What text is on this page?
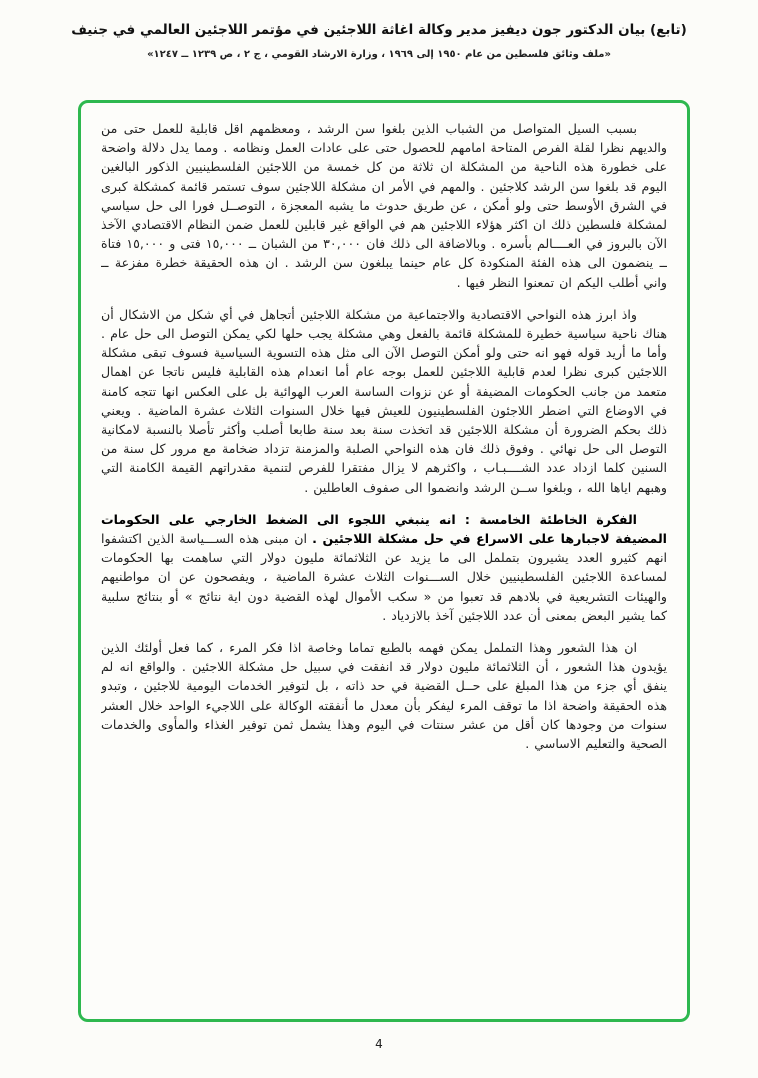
(تابع) بيان الدكتور جون ديفيز مدير وكالة اغاثة اللاجئين في مؤتمر اللاجئين العالمي في جنيف
«ملف وثائق فلسطين من عام ١٩٥٠ إلى ١٩٦٩ ، وزارة الارشاد القومي ، ج ٢ ، ص ١٢٣٩ ــ ١٢٤٧»

بسبب السيل المتواصل من الشباب الذين بلغوا سن الرشد ، ومعظمهم اقل قابلية للعمل حتى من والديهم نظرا لقلة الفرص المتاحة امامهم للحصول حتى على عادات العمل ونظامه . ومما يدل دلالة واضحة على خطورة هذه الناحية من المشكلة ان ثلاثة من كل خمسة من اللاجئين الفلسطينيين الذكور البالغين اليوم قد بلغوا سن الرشد كلاجئين . والمهم في الأمر ان مشكلة اللاجئين سوف تستمر قائمة كمشكلة كبرى في الشرق الأوسط حتى ولو أمكن ، عن طريق حدوث ما يشبه المعجزة ، التوصــل فورا الى حل سياسي لمشكلة فلسطين ذلك ان اكثر هؤلاء اللاجئين هم في الواقع غير قابلين للعمل ضمن النظام الاقتصادي الآخذ الآن بالبروز في العــــالم بأسره . وبالاضافة الى ذلك فان ٣٠,٠٠٠ من الشبان ــ ١٥,٠٠٠ فتى و ١٥,٠٠٠ فتاة ــ ينضمون الى هذه الفئة المنكودة كل عام حينما يبلغون سن الرشد . ان هذه الحقيقة خطرة مفزعة ــ واني أطلب اليكم ان تمعنوا النظر فيها .

واذ ابرز هذه النواحي الاقتصادية والاجتماعية من مشكلة اللاجئين أتجاهل في أي شكل من الاشكال أن هناك ناحية سياسية خطيرة للمشكلة قائمة بالفعل وهي مشكلة يجب حلها لكي يمكن التوصل الى حل عام . وأما ما أريد قوله فهو انه حتى ولو أمكن التوصل الآن الى مثل هذه التسوية السياسية فسوف تبقى مشكلة اللاجئين كبرى نظرا لعدم قابلية اللاجئين للعمل بوجه عام أما انعدام هذه القابلية فليس ناتجا عن اهمال متعمد من جانب الحكومات المضيفة أو عن نزوات الساسة العرب الهوائية بل على العكس انها تتجه كامنة في الاوضاع التي اضطر اللاجئون الفلسطينيون للعيش فيها خلال السنوات الثلاث عشرة الماضية . ويعني ذلك بحكم الضرورة أن مشكلة اللاجئين قد اتخذت سنة بعد سنة طابعا أصلب وأكثر تأصلا بالنسبة لامكانية التوصل الى حل نهائي . وفوق ذلك فان هذه النواحي الصلبة والمزمنة تزداد ضخامة مع مرور كل سنة من السنين كلما ازداد عدد الشــــبـاب ، واكثرهم لا يزال مفتقرا للفرص لتنمية مقدراتهم القيمة الكامنة التي وهبهم اياها الله ، وبلغوا ســن الرشد وانضموا الى صفوف العاطلين .

الفكرة الخاطئة الخامسة : انه ينبغي اللجوء الى الضغط الخارجي على الحكومات المضيفة لاجبارها على الاسراع في حل مشكلة اللاجئين . ان مبنى هذه الســـياسة الذين اكتشفوا انهم كثيرو العدد يشيرون بتململ الى ما يزيد عن الثلاثمائة مليون دولار التي ساهمت بها الحكومات لمساعدة اللاجئين الفلسطينيين خلال الســـنوات الثلاث عشرة الماضية ، ويفصحون عن ان مواطنيهم والهيئات التشريعية في بلادهم قد تعبوا من « سكب الأموال لهذه القضية دون اية نتائج » أو بنتائج سلبية كما يشير البعض بمعنى أن عدد اللاجئين آخذ بالازدياد .

ان هذا الشعور وهذا التململ يمكن فهمه بالطبع تماما وخاصة اذا فكر المرء ، كما فعل أولئك الذين يؤيدون هذا الشعور ، أن الثلاثمائة مليون دولار قد انفقت في سبيل حل مشكلة اللاجئين . والواقع انه لم ينفق أي جزء من هذا المبلغ على حــل القضية في حد ذاته ، بل لتوفير الخدمات اليومية للاجئين ، وتبدو هذه الحقيقة واضحة اذا ما توقف المرء ليفكر بأن معدل ما أنفقته الوكالة على اللاجيء الواحد خلال العشر سنوات من وجودها كان أقل من عشر سنتات في اليوم وهذا يشمل ثمن توفير الغذاء والمأوى والخدمات الصحية والتعليم الاساسي .

4
